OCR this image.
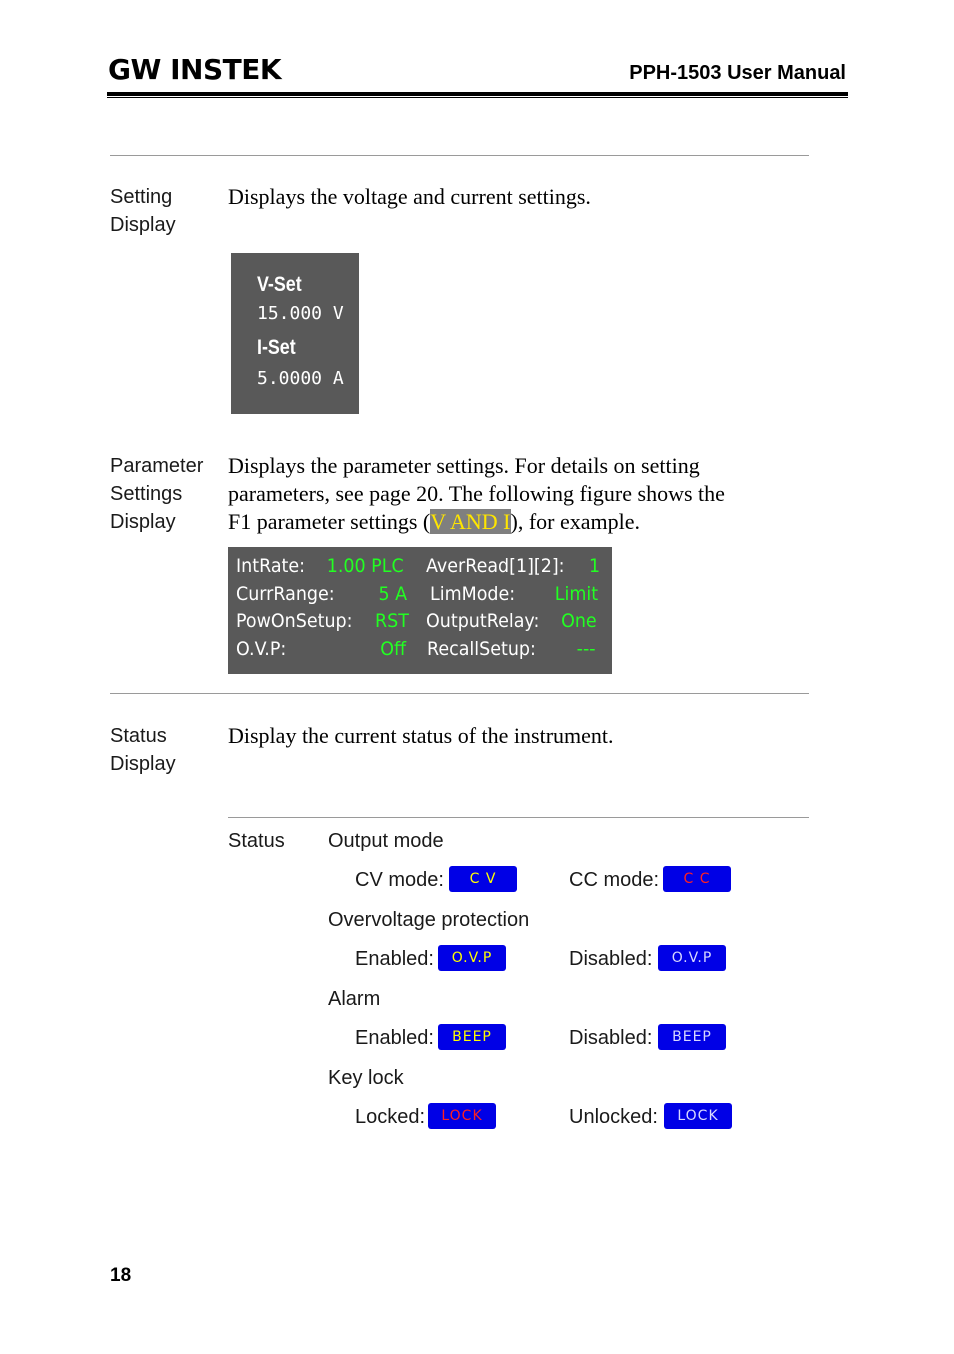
GW INSTEK	PPH-1503 User Manual
Setting
Display
Displays the voltage and current settings.
V-Set
15.000 V
I-Set
5.0000 A
Parameter
Settings
Display
Displays the parameter settings. For details on setting
parameters, see page 20. The following figure shows the
F1 parameter settings (V AND I), for example.
IntRate: 1.00 PLC AverRead[1][2]: 1
CurrRange: 5 A LimMode: Limit
PowOnSetup: RST OutputRelay: One
O.V.P:	Off RecallSetup: ---
Status
Display
Display the current status of the instrument.
Status Output mode
CV mode:	C V	CC mode:	C C
Overvoltage protection
Enabled:	O.V.P	Disabled:	O.V.P
Alarm
Enabled:	BEEP	Disabled:	BEEP
Key lock
Locked:	LOCK	Unlocked:	LOCK
18
